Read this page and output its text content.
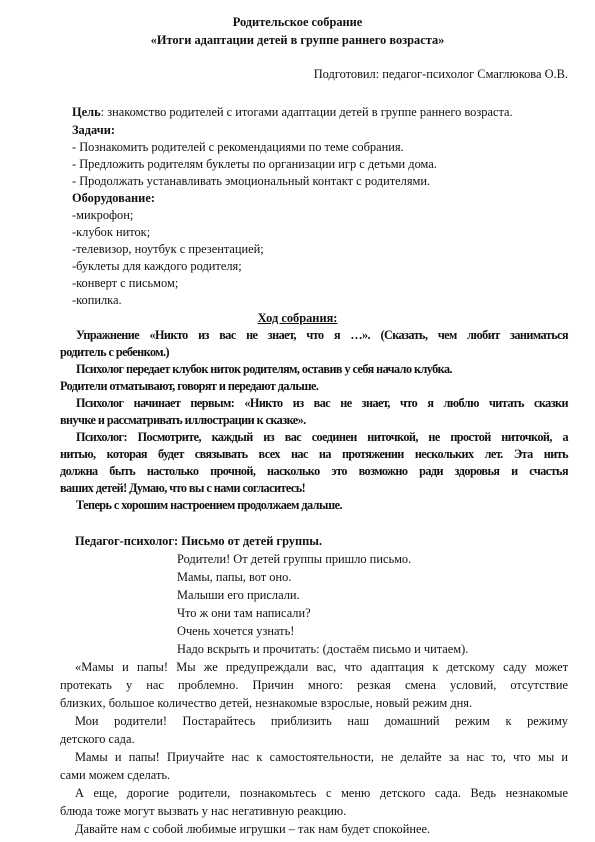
Родительское собрание
«Итоги адаптации детей в группе раннего возраста»
Подготовил: педагог-психолог Смаглюкова О.В.
Цель: знакомство родителей с итогами адаптации детей в группе раннего возраста.
Задачи:
- Познакомить родителей с рекомендациями по теме собрания.
- Предложить родителям буклеты по организации игр с детьми дома.
- Продолжать устанавливать эмоциональный контакт с родителями.
Оборудование:
-микрофон;
-клубок ниток;
-телевизор, ноутбук с презентацией;
-буклеты для каждого родителя;
-конверт с письмом;
-копилка.
Ход собрания:
Упражнение «Никто из вас не знает, что я …». (Сказать, чем любит заниматься
родитель с ребенком.)
Психолог передает клубок ниток родителям, оставив у себя начало клубка.
Родители отматывают, говорят и передают дальше.
Психолог начинает первым: «Никто из вас не знает, что я люблю читать сказки
внучке и рассматривать иллюстрации к сказке».
Психолог: Посмотрите, каждый из вас соединен ниточкой, не простой ниточкой, а
нитью, которая будет связывать всех нас на протяжении нескольких лет. Эта нить
должна быть настолько прочной, насколько это возможно ради здоровья и счастья
ваших детей! Думаю, что вы с нами согласитесь!
Теперь с хорошим настроением продолжаем дальше.
Педагог-психолог: Письмо от детей группы.
Родители! От детей группы пришло письмо.
Мамы, папы, вот оно.
Малыши его прислали.
Что ж они там написали?
Очень хочется узнать!
Надо вскрыть и прочитать: (достаём письмо и читаем).
«Мамы и папы! Мы же предупреждали вас, что адаптация к детскому саду может
протекать у нас проблемно. Причин много: резкая смена условий, отсутствие
близких, большое количество детей, незнакомые взрослые, новый режим дня.
Мои родители! Постарайтесь приблизить наш домашний режим к режиму
детского сада.
Мамы и папы! Приучайте нас к самостоятельности, не делайте за нас то, что мы и
сами можем сделать.
А еще, дорогие родители, познакомьтесь с меню детского сада. Ведь незнакомые
блюда тоже могут вызвать у нас негативную реакцию.
Давайте нам с собой любимые игрушки – так нам будет спокойнее.
